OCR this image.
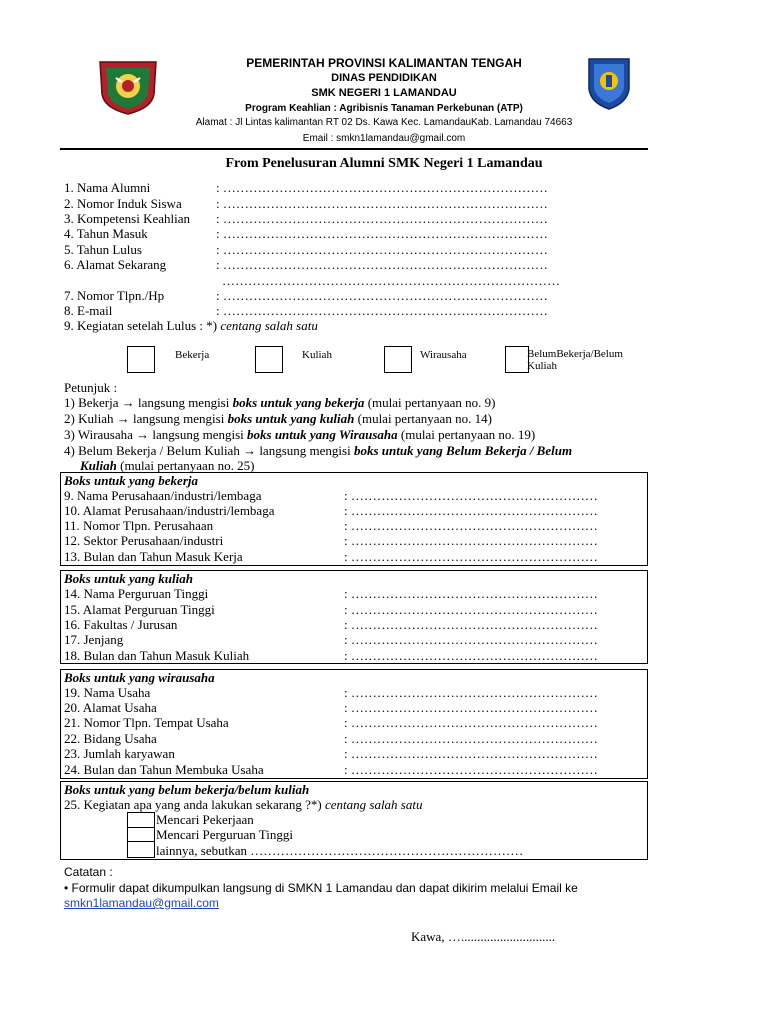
PEMERINTAH PROVINSI KALIMANTAN TENGAH
DINAS PENDIDIKAN
SMK NEGERI 1 LAMANDAU
Program Keahlian : Agribisnis Tanaman Perkebunan (ATP)
Alamat : Jl Lintas kalimantan RT 02 Ds. Kawa Kec. LamandauKab. Lamandau 74663
Email : smkn1lamandau@gmail.com
From Penelusuran Alumni SMK Negeri 1 Lamandau
1. Nama Alumni	: …………………………………………………………………
2. Nomor Induk Siswa	: …………………………………………………………………
3. Kompetensi Keahlian : …………………………………………………………………
4. Tahun Masuk	: …………………………………………………………………
5. Tahun Lulus	: …………………………………………………………………
6. Alamat Sekarang	: …………………………………………………………………
……………………………………………………………………
7. Nomor Tlpn./Hp	: …………………………………………………………………
8. E-mail	: …………………………………………………………………
9. Kegiatan setelah Lulus : *) centang salah satu
Bekerja	Kuliah	Wirausaha	BelumBekerja/Belum Kuliah
Petunjuk :
1) Bekerja → langsung mengisi boks untuk yang bekerja (mulai pertanyaan no. 9)
2) Kuliah → langsung mengisi boks untuk yang kuliah (mulai pertanyaan no. 14)
3) Wirausaha → langsung mengisi boks untuk yang Wirausaha (mulai pertanyaan no. 19)
4) Belum Bekerja / Belum Kuliah → langsung mengisi boks untuk yang Belum Bekerja / Belum
Kuliah (mulai pertanyaan no. 25)
Boks untuk yang bekerja
9. Nama Perusahaan/industri/lembaga	: …………………………………………………
10. Alamat Perusahaan/industri/lembaga	: …………………………………………………
11. Nomor Tlpn. Perusahaan	: …………………………………………………
12. Sektor Perusahaan/industri	: …………………………………………………
13. Bulan dan Tahun Masuk Kerja	: …………………………………………………
Boks untuk yang kuliah
14. Nama Perguruan Tinggi	: …………………………………………………
15. Alamat Perguruan Tinggi	: …………………………………………………
16. Fakultas / Jurusan	: …………………………………………………
17. Jenjang	: …………………………………………………
18. Bulan dan Tahun Masuk Kuliah	: …………………………………………………
Boks untuk yang wirausaha
19. Nama Usaha	: …………………………………………………
20. Alamat Usaha	: …………………………………………………
21. Nomor Tlpn. Tempat Usaha	: …………………………………………………
22. Bidang Usaha	: …………………………………………………
23. Jumlah karyawan	: …………………………………………………
24. Bulan dan Tahun Membuka Usaha	: …………………………………………………
Boks untuk yang belum bekerja/belum kuliah
25. Kegiatan apa yang anda lakukan sekarang ?*) centang salah satu
Mencari Pekerjaan
Mencari Perguruan Tinggi
lainnya, sebutkan ………………………………………………………
Catatan :
• Formulir dapat dikumpulkan langsung di SMKN 1 Lamandau dan dapat dikirim melalui Email ke
smkn1lamandau@gmail.com
Kawa, ….............................
